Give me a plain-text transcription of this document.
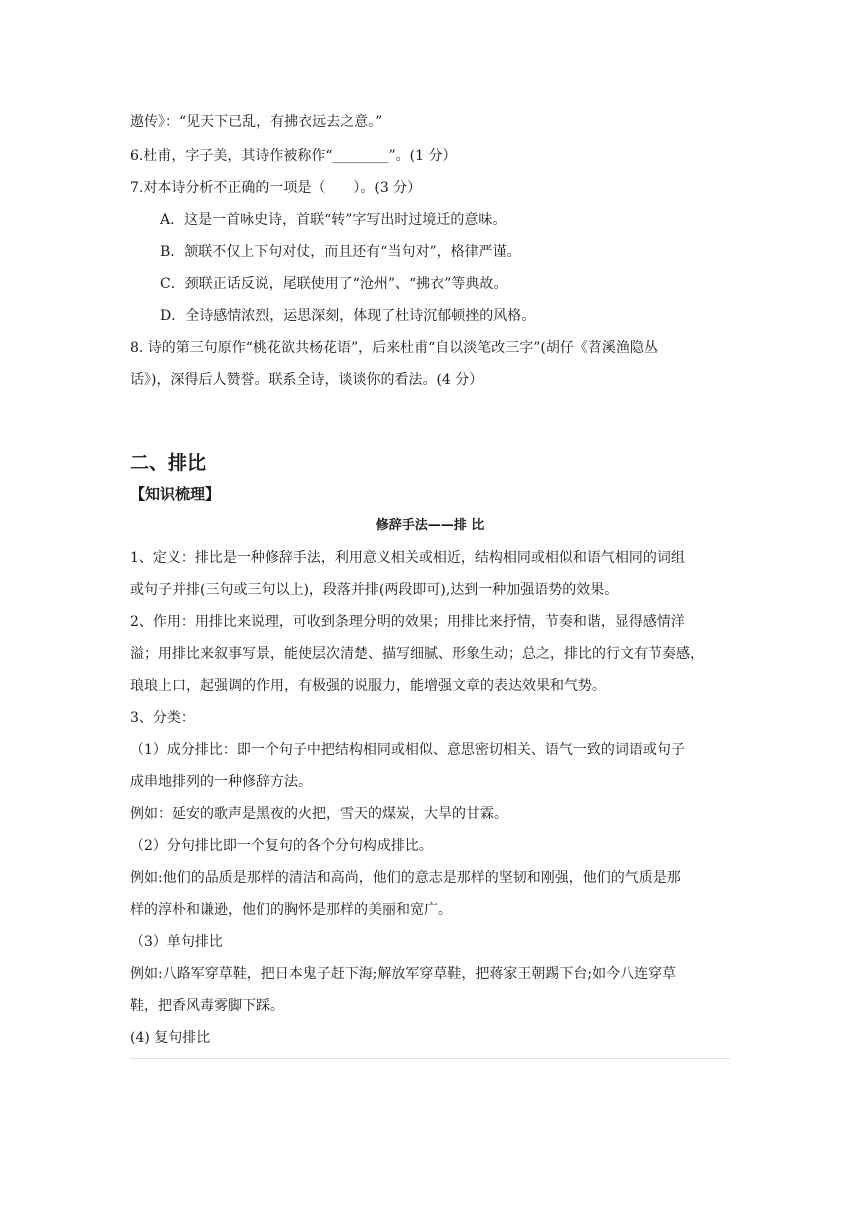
遨传》：“见天下已乱，有拂衣远去之意。”
6.杜甫，字子美，其诗作被称作“________”。(1 分）
7.对本诗分析不正确的一项是（　　）。(3 分）
A．这是一首咏史诗，首联“转”字写出时过境迁的意味。
B．颔联不仅上下句对仗，而且还有“当句对”，格律严谨。
C．颈联正话反说，尾联使用了“沧州”、“拂衣”等典故。
D．全诗感情浓烈，运思深刻，体现了杜诗沉郁顿挫的风格。
8. 诗的第三句原作“桃花欲共杨花语”，后来杜甫“自以淡笔改三字”(胡仔《苕溪渔隐丛
话》)，深得后人赞誉。联系全诗，谈谈你的看法。(4 分）
二、排比
【知识梳理】
修辞手法——排 比
1、定义：排比是一种修辞手法，利用意义相关或相近，结构相同或相似和语气相同的词组
或句子并排(三句或三句以上)，段落并排(两段即可),达到一种加强语势的效果。
2、作用：用排比来说理，可收到条理分明的效果；用排比来抒情，节奏和谐，显得感情洋
溢；用排比来叙事写景，能使层次清楚、描写细腻、形象生动；总之，排比的行文有节奏感，
琅琅上口，起强调的作用，有极强的说服力，能增强文章的表达效果和气势。
3、分类：
（1）成分排比：即一个句子中把结构相同或相似、意思密切相关、语气一致的词语或句子
成串地排列的一种修辞方法。
例如：延安的歌声是黑夜的火把，雪天的煤炭，大旱的甘霖。
（2）分句排比即一个复句的各个分句构成排比。
例如:他们的品质是那样的清洁和高尚，他们的意志是那样的坚韧和刚强，他们的气质是那
样的淳朴和谦逊，他们的胸怀是那样的美丽和宽广。
（3）单句排比
例如:八路军穿草鞋，把日本鬼子赶下海;解放军穿草鞋，把蒋家王朝踢下台;如今八连穿草
鞋，把香风毒雾脚下踩。
(4) 复句排比
